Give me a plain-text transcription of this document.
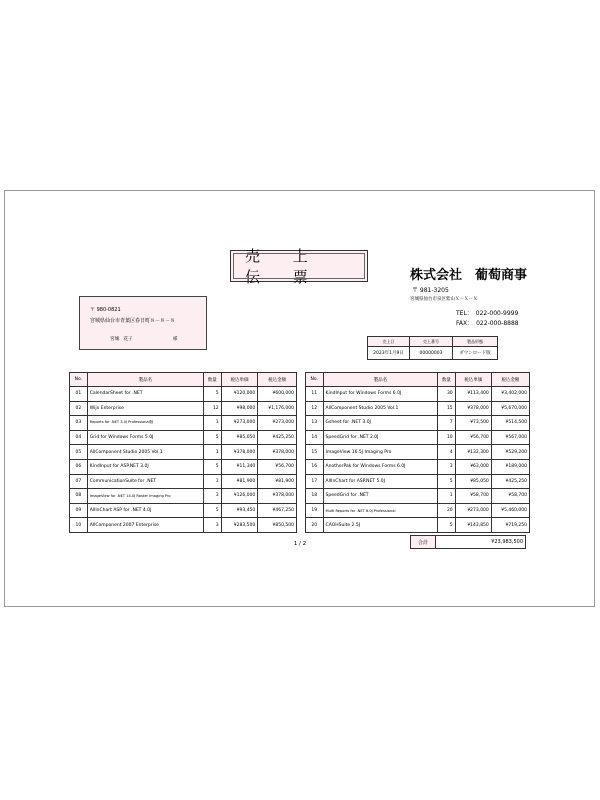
売 上 伝 票	株式会社　葡萄商事
〒 981-3205
宮城県仙台市泉区紫山Ｘ－Ｘ－Ｘ
TEL：　022-000-9999
FAX：　022-000-8888
〒 980-0821
宮城県仙台市青葉区春日町８－８－８
宮城　花子	様	売上日	売上番号	製品形態
2023年1月9日	00000003	ダウンロード版
No.	製品名	数量	税込単価	税込金額
01	CalendarSheet for .NET	5	¥120,000	¥600,000
02	Wijx Enterprise	12	¥98,000	¥1,176,000
03	Reports for .NET 3.0J Professional版	1	¥273,000	¥273,000
04	Grid for Windows Forms 5.0J	5	¥85,050	¥425,250
05	AllComponent Studio 2005 Vol.1	1	¥378,000	¥378,000
06	KindInput for ASP.NET 3.0J	5	¥11,340	¥56,700
07	CommunicationSuite for .NET	1	¥81,900	¥81,900
08	ImageView for .NET 14.0J Raster Imaging Pro	3	¥126,000	¥378,000
09	AllInChart ASP for .NET 4.0J	5	¥93,450	¥467,250
10	AllComponent 2007 Enterprise	3	¥283,500	¥850,500
No.	製品名	数量	税込単価	税込金額
11	KindInput for Windows Forms 6.0J	30	¥113,400	¥3,402,000
12	AllComponent Studio 2005 Vol.1	15	¥378,000	¥5,670,000
13	Gsheet for .NET 3.0J	7	¥73,500	¥514,500
14	SpeedGrid for .NET 2.0J	10	¥56,700	¥567,000
15	ImageView 16.5J Imaging Pro	4	¥132,300	¥529,200
16	AnotherPak for Windows Forms 6.0J	3	¥63,000	¥189,000
17	AllInChart for ASP.NET 5.0J	5	¥85,050	¥425,250
18	SpeedGrid for .NET	1	¥58,700	¥58,700
19	Multi Reports for .NET 6.0J Professional	20	¥273,000	¥5,460,000
20	CAOHSuite 2.5J	5	¥143,850	¥719,250
合計	¥23,983,500
1 / 2
